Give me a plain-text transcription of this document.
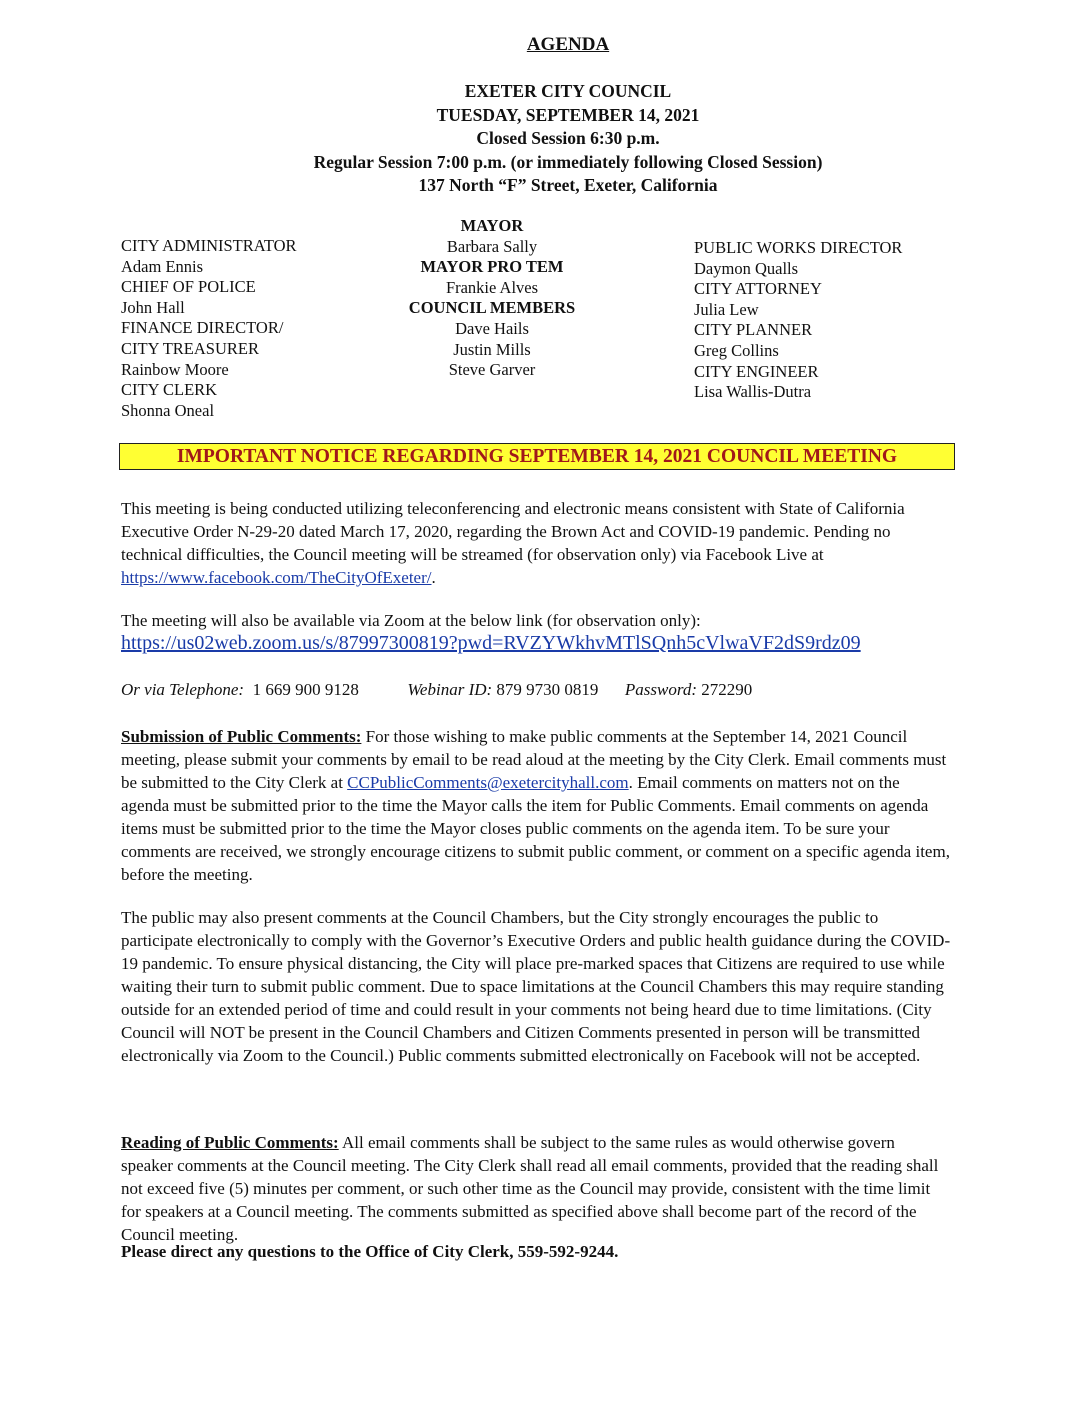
AGENDA
EXETER CITY COUNCIL
TUESDAY, SEPTEMBER 14, 2021
Closed Session 6:30 p.m.
Regular Session 7:00 p.m. (or immediately following Closed Session)
137 North “F” Street, Exeter, California
CITY ADMINISTRATOR
Adam Ennis
CHIEF OF POLICE
John Hall
FINANCE DIRECTOR/
CITY TREASURER
Rainbow Moore
CITY CLERK
Shonna Oneal
MAYOR
Barbara Sally
MAYOR PRO TEM
Frankie Alves
COUNCIL MEMBERS
Dave Hails
Justin Mills
Steve Garver
PUBLIC WORKS DIRECTOR
Daymon Qualls
CITY ATTORNEY
Julia Lew
CITY PLANNER
Greg Collins
CITY ENGINEER
Lisa Wallis-Dutra
IMPORTANT NOTICE REGARDING SEPTEMBER 14, 2021 COUNCIL MEETING
This meeting is being conducted utilizing teleconferencing and electronic means consistent with State of California Executive Order N-29-20 dated March 17, 2020, regarding the Brown Act and COVID-19 pandemic. Pending no technical difficulties, the Council meeting will be streamed (for observation only) via Facebook Live at https://www.facebook.com/TheCityOfExeter/.
The meeting will also be available via Zoom at the below link (for observation only):
https://us02web.zoom.us/s/87997300819?pwd=RVZYWkhvMTlSQnh5cVlwaVF2dS9rdz09
Or via Telephone: 1 669 900 9128	Webinar ID: 879 9730 0819 Password: 272290
Submission of Public Comments: For those wishing to make public comments at the September 14, 2021 Council meeting, please submit your comments by email to be read aloud at the meeting by the City Clerk. Email comments must be submitted to the City Clerk at CCPublicComments@exetercityhall.com. Email comments on matters not on the agenda must be submitted prior to the time the Mayor calls the item for Public Comments. Email comments on agenda items must be submitted prior to the time the Mayor closes public comments on the agenda item. To be sure your comments are received, we strongly encourage citizens to submit public comment, or comment on a specific agenda item, before the meeting.
The public may also present comments at the Council Chambers, but the City strongly encourages the public to participate electronically to comply with the Governor’s Executive Orders and public health guidance during the COVID-19 pandemic. To ensure physical distancing, the City will place pre-marked spaces that Citizens are required to use while waiting their turn to submit public comment. Due to space limitations at the Council Chambers this may require standing outside for an extended period of time and could result in your comments not being heard due to time limitations. (City Council will NOT be present in the Council Chambers and Citizen Comments presented in person will be transmitted electronically via Zoom to the Council.) Public comments submitted electronically on Facebook will not be accepted.
Reading of Public Comments: All email comments shall be subject to the same rules as would otherwise govern speaker comments at the Council meeting. The City Clerk shall read all email comments, provided that the reading shall not exceed five (5) minutes per comment, or such other time as the Council may provide, consistent with the time limit for speakers at a Council meeting. The comments submitted as specified above shall become part of the record of the Council meeting.
Please direct any questions to the Office of City Clerk, 559-592-9244.
